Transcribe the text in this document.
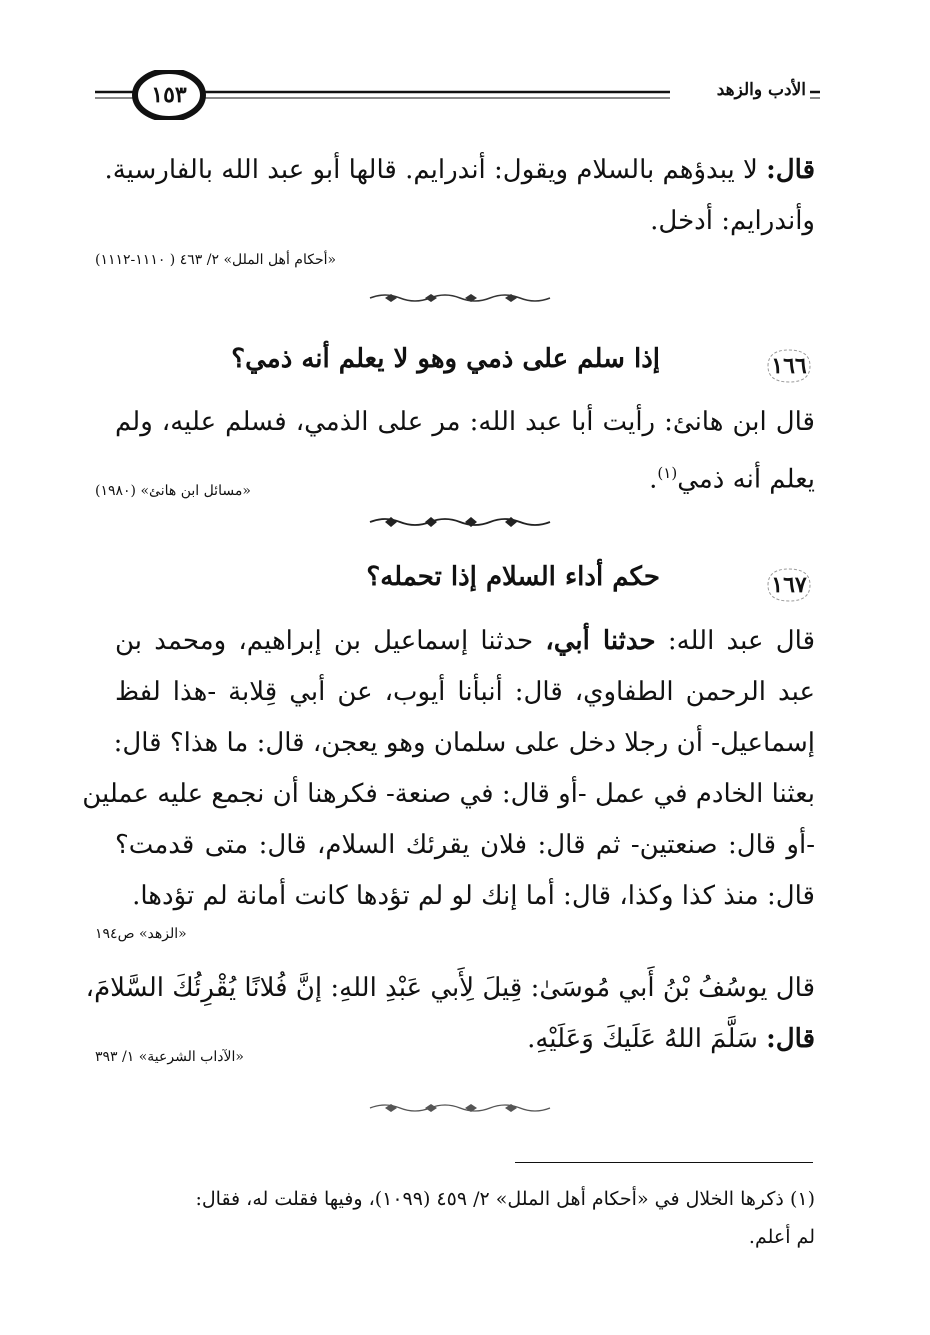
١٥٣	الأدب والزهد
قال: لا يبدؤهم بالسلام ويقول: أندرايم. قالها أبو عبد الله بالفارسية.
وأندرايم: أدخل.
«أحكام أهل الملل» ٢/ ٤٦٣ ( ١١١٠-١١١٢)
١٦٦
إذا سلم على ذمي وهو لا يعلم أنه ذمي؟
قال ابن هانئ: رأيت أبا عبد الله: مر على الذمي، فسلم عليه، ولم
يعلم أنه ذمي$^{(١)}$.
«مسائل ابن هانئ» (١٩٨٠)
١٦٧
حكم أداء السلام إذا تحمله؟
قال عبد الله: حدثنا أبي، حدثنا إسماعيل بن إبراهيم، ومحمد بن
عبد الرحمن الطفاوي، قال: أنبأنا أيوب، عن أبي قِلابة -هذا لفظ
إسماعيل- أن رجلا دخل على سلمان وهو يعجن، قال: ما هذا؟ قال:
بعثنا الخادم في عمل -أو قال: في صنعة- فكرهنا أن نجمع عليه عملين
-أو قال: صنعتين- ثم قال: فلان يقرئك السلام، قال: متى قدمت؟
قال: منذ كذا وكذا، قال: أما إنك لو لم تؤدها كانت أمانة لم تؤدها.
«الزهد» ص١٩٤
قال يوسُفُ بْنُ أَبي مُوسَىٰ: قِيلَ لِأَبي عَبْدِ اللهِ: إنَّ فُلانًا يُقْرِئُكَ السَّلامَ،
قال: سَلَّمَ اللهُ عَلَيكَ وَعَلَيْهِ.
«الآداب الشرعية» ١/ ٣٩٣
(١) ذكرها الخلال في «أحكام أهل الملل» ٢/ ٤٥٩ (١٠٩٩)، وفيها فقلت له، فقال:
لم أعلم.
